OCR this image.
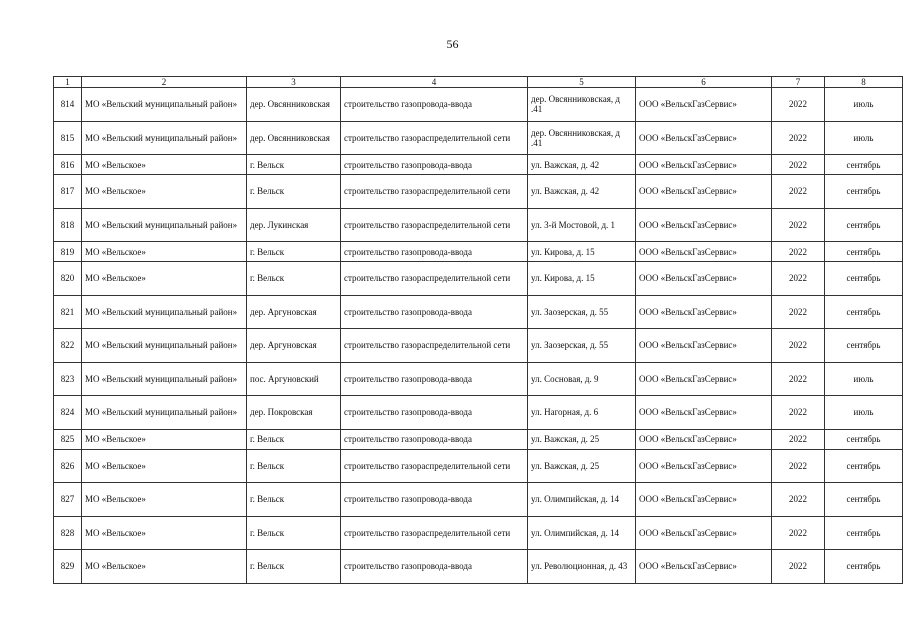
56
1	2	3	4	5	6	7	8
814	МО «Вельский муниципальный район»	дер. Овсянниковская	строительство газопровода-ввода	дер. Овсянниковская, д .41	ООО «ВельскГазСервис»	2022	июль
815	МО «Вельский муниципальный район»	дер. Овсянниковская	строительство газораспределительной сети	дер. Овсянниковская, д .41	ООО «ВельскГазСервис»	2022	июль
816	МО «Вельское»	г. Вельск	строительство газопровода-ввода	ул. Важская, д. 42	ООО «ВельскГазСервис»	2022	сентябрь
817	МО «Вельское»	г. Вельск	строительство газораспределительной сети	ул. Важская, д. 42	ООО «ВельскГазСервис»	2022	сентябрь
818	МО «Вельский муниципальный район»	дер. Лукинская	строительство газораспределительной сети	ул. 3-й Мостовой, д. 1	ООО «ВельскГазСервис»	2022	сентябрь
819	МО «Вельское»	г. Вельск	строительство газопровода-ввода	ул. Кирова, д. 15	ООО «ВельскГазСервис»	2022	сентябрь
820	МО «Вельское»	г. Вельск	строительство газораспределительной сети	ул. Кирова, д. 15	ООО «ВельскГазСервис»	2022	сентябрь
821	МО «Вельский муниципальный район»	дер. Аргуновская	строительство газопровода-ввода	ул. Заозерская, д. 55	ООО «ВельскГазСервис»	2022	сентябрь
822	МО «Вельский муниципальный район»	дер. Аргуновская	строительство газораспределительной сети	ул. Заозерская, д. 55	ООО «ВельскГазСервис»	2022	сентябрь
823	МО «Вельский муниципальный район»	пос. Аргуновский	строительство газопровода-ввода	ул. Сосновая, д. 9	ООО «ВельскГазСервис»	2022	июль
824	МО «Вельский муниципальный район»	дер. Покровская	строительство газопровода-ввода	ул. Нагорная, д. 6	ООО «ВельскГазСервис»	2022	июль
825	МО «Вельское»	г. Вельск	строительство газопровода-ввода	ул. Важская, д. 25	ООО «ВельскГазСервис»	2022	сентябрь
826	МО «Вельское»	г. Вельск	строительство газораспределительной сети	ул. Важская, д. 25	ООО «ВельскГазСервис»	2022	сентябрь
827	МО «Вельское»	г. Вельск	строительство газопровода-ввода	ул. Олимпийская, д. 14	ООО «ВельскГазСервис»	2022	сентябрь
828	МО «Вельское»	г. Вельск	строительство газораспределительной сети	ул. Олимпийская, д. 14	ООО «ВельскГазСервис»	2022	сентябрь
829	МО «Вельское»	г. Вельск	строительство газопровода-ввода	ул. Революционная, д. 43	ООО «ВельскГазСервис»	2022	сентябрь
